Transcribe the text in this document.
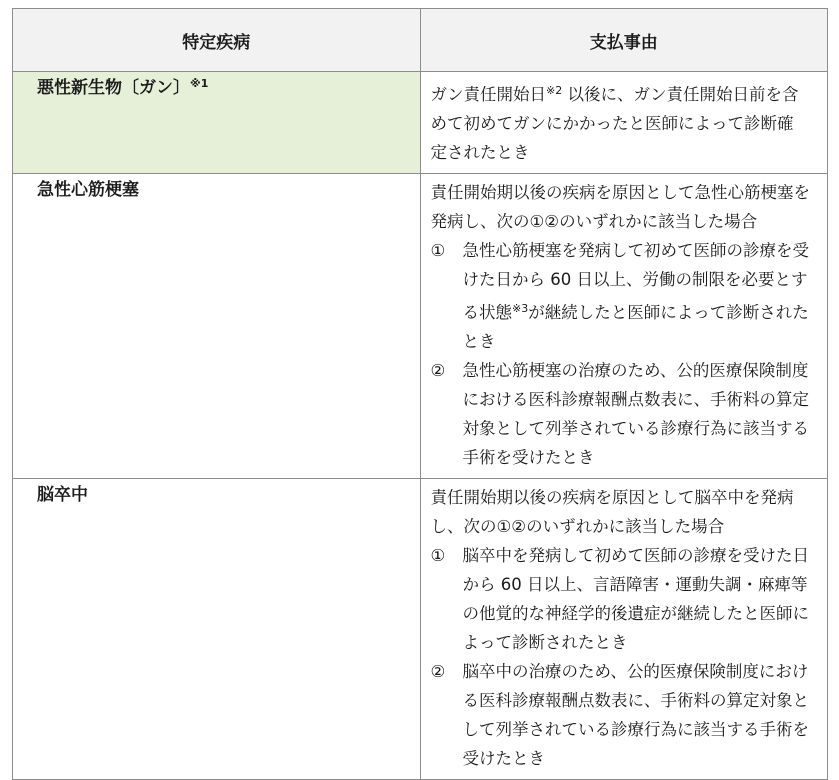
特定疾病	支払事由
悪性新生物〔ガン〕$^{※1}$	ガン責任開始日$^{※2}$ 以後に、ガン責任開始日前を含めて初めてガンにかかったと医師によって診断確定されたとき
急性心筋梗塞	責任開始期以後の疾病を原因として急性心筋梗塞を発病し、次の①②のいずれかに該当した場合
① 急性心筋梗塞を発病して初めて医師の診療を受けた日から 60 日以上、労働の制限を必要とする状態$^{※3}$が継続したと医師によって診断されたとき
② 急性心筋梗塞の治療のため、公的医療保険制度における医科診療報酬点数表に、手術料の算定対象として列挙されている診療行為に該当する手術を受けたとき

脳卒中	責任開始期以後の疾病を原因として脳卒中を発病し、次の①②のいずれかに該当した場合
① 脳卒中を発病して初めて医師の診療を受けた日から 60 日以上、言語障害・運動失調・麻痺等の他覚的な神経学的後遺症が継続したと医師によって診断されたとき
② 脳卒中の治療のため、公的医療保険制度における医科診療報酬点数表に、手術料の算定対象として列挙されている診療行為に該当する手術を受けたとき
